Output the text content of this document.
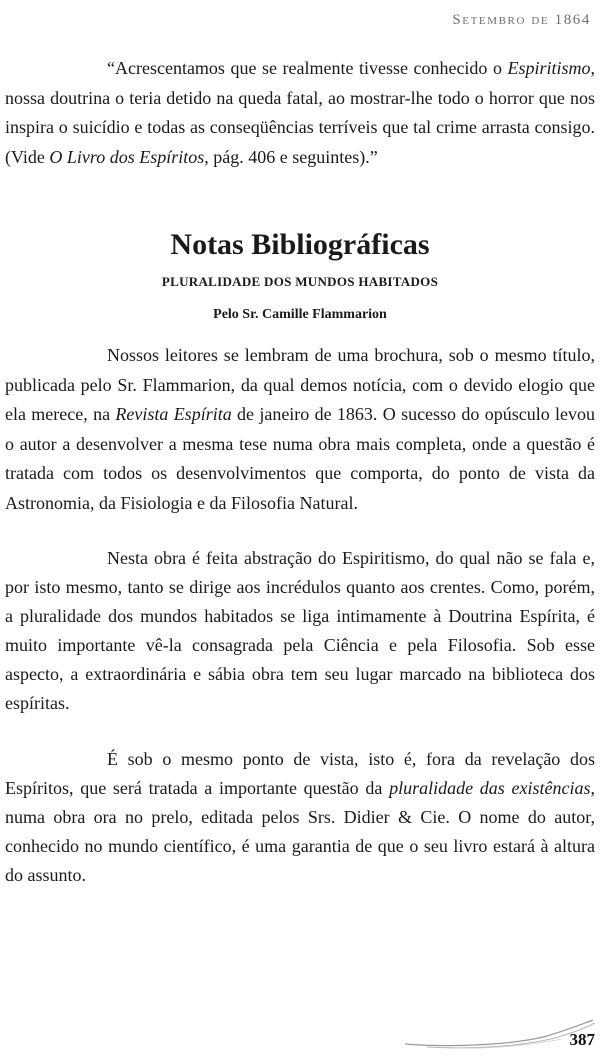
Setembro de 1864

“Acrescentamos que se realmente tivesse conhecido o Espiritismo, nossa doutrina o teria detido na queda fatal, ao mostrar-lhe todo o horror que nos inspira o suicídio e todas as conseqüências terríveis que tal crime arrasta consigo. (Vide O Livro dos Espíritos, pág. 406 e seguintes).”

Notas Bibliográficas
PLURALIDADE DOS MUNDOS HABITADOS
Pelo Sr. Camille Flammarion

Nossos leitores se lembram de uma brochura, sob o mesmo título, publicada pelo Sr. Flammarion, da qual demos notícia, com o devido elogio que ela merece, na Revista Espírita de janeiro de 1863. O sucesso do opúsculo levou o autor a desenvolver a mesma tese numa obra mais completa, onde a questão é tratada com todos os desenvolvimentos que comporta, do ponto de vista da Astronomia, da Fisiologia e da Filosofia Natural.

Nesta obra é feita abstração do Espiritismo, do qual não se fala e, por isto mesmo, tanto se dirige aos incrédulos quanto aos crentes. Como, porém, a pluralidade dos mundos habitados se liga intimamente à Doutrina Espírita, é muito importante vê-la consagrada pela Ciência e pela Filosofia. Sob esse aspecto, a extraordinária e sábia obra tem seu lugar marcado na biblioteca dos espíritas.

É sob o mesmo ponto de vista, isto é, fora da revelação dos Espíritos, que será tratada a importante questão da pluralidade das existências, numa obra ora no prelo, editada pelos Srs. Didier & Cie. O nome do autor, conhecido no mundo científico, é uma garantia de que o seu livro estará à altura do assunto.

387
